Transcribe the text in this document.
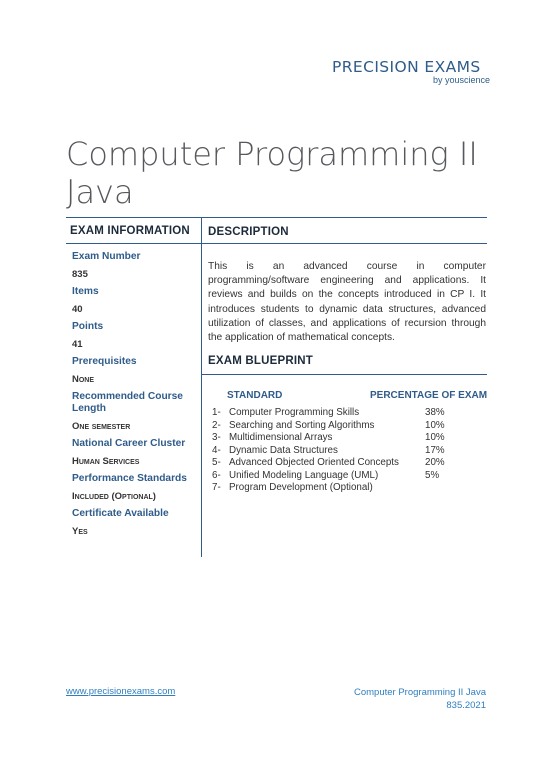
PRECISION EXAMS
by youscience
Computer Programming II
Java
EXAM INFORMATION DESCRIPTION
Exam Number
835
Items
40
Points
41
Prerequisites
None
Recommended Course Length
One semester
National Career Cluster
Human Services
Performance Standards
Included (Optional)
Certificate Available
Yes

This is an advanced course in computer programming/software engineering and applications. It reviews and builds on the concepts introduced in CP I. It introduces students to dynamic data structures, advanced utilization of classes, and applications of recursion through the application of mathematical concepts.

EXAM BLUEPRINT
STANDARD	PERCENTAGE OF EXAM
1- Computer Programming Skills	38%
2- Searching and Sorting Algorithms	10%
3- Multidimensional Arrays	10%
4- Dynamic Data Structures	17%
5- Advanced Objected Oriented Concepts	20%
6- Unified Modeling Language (UML)	5%
7- Program Development (Optional)
www.precisionexams.com	Computer Programming II Java
835.2021
